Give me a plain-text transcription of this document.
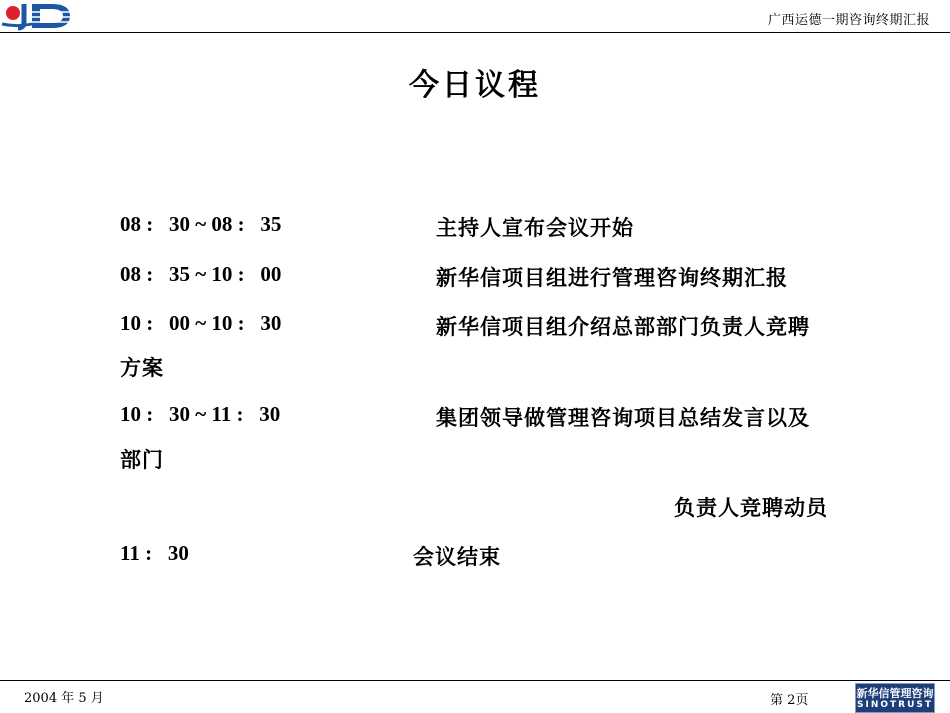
广西运德一期咨询终期汇报
今日议程
08 :   30 ~ 08 :   35	主持人宣布会议开始
08 :   35 ~ 10 :   00	新华信项目组进行管理咨询终期汇报
10 :   00 ~ 10 :   30	新华信项目组介绍总部部门负责人竞聘
方案
10 :   30 ~ 11 :   30	集团领导做管理咨询项目总结发言以及
部门
负责人竞聘动员
11 :   30	会议结束
2004 年 5 月	第 2页	新华信管理咨询
SINOTRUST
